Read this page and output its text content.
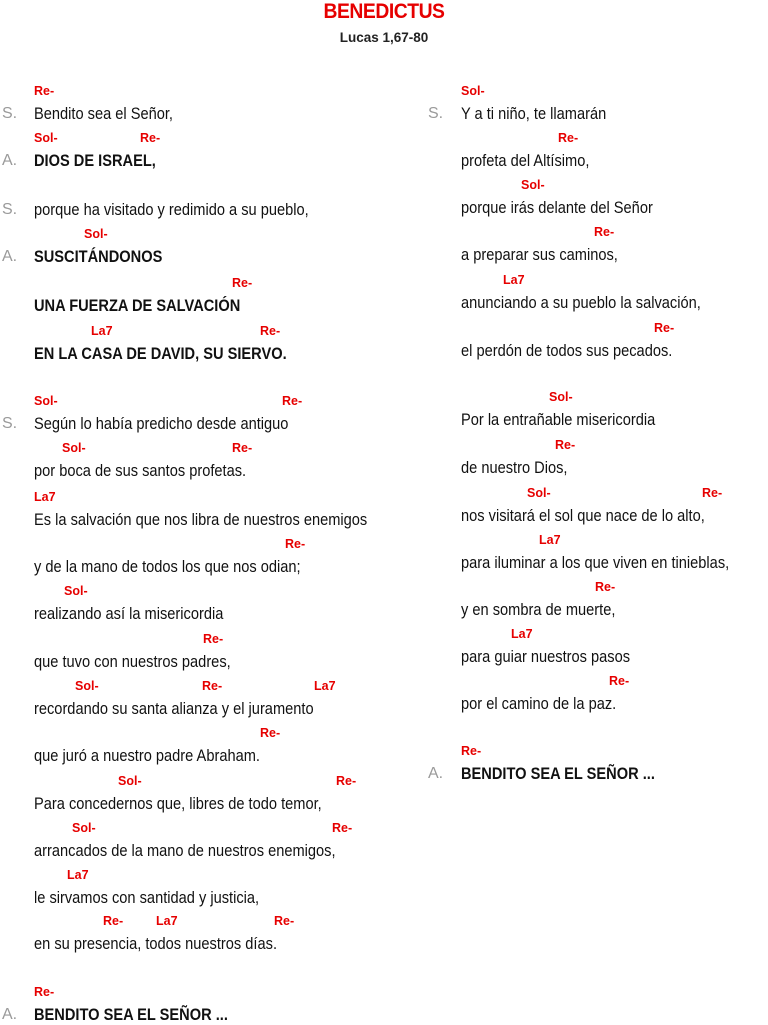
BENEDICTUS
Lucas 1,67-80
Re-
S. Bendito sea el Señor,
Sol-	Re-
A. DIOS DE ISRAEL,
S. porque ha visitado y redimido a su pueblo,
Sol-
A. SUSCITÁNDONOS
Re-
UNA FUERZA DE SALVACIÓN
La7	Re-
EN LA CASA DE DAVID, SU SIERVO.
Sol-	Re-
S. Según lo había predicho desde antiguo
Sol-	Re-
por boca de sus santos profetas.
La7
Es la salvación que nos libra de nuestros enemigos
Re-
y de la mano de todos los que nos odian;
Sol-
realizando así la misericordia
Re-
que tuvo con nuestros padres,
Sol-	Re-	La7
recordando su santa alianza y el juramento
Re-
que juró a nuestro padre Abraham.
Sol-	Re-
Para concedernos que, libres de todo temor,
Sol-	Re-
arrancados de la mano de nuestros enemigos,
La7
le sirvamos con santidad y justicia,
Re-	La7	Re-
en su presencia, todos nuestros días.
Re-
A. BENDITO SEA EL SEÑOR ...
Sol-
S. Y a ti niño, te llamarán
Re-
profeta del Altísimo,
Sol-
porque irás delante del Señor
Re-
a preparar sus caminos,
La7
anunciando a su pueblo la salvación,
Re-
el perdón de todos sus pecados.
Sol-
Por la entrañable misericordia
Re-
de nuestro Dios,
Sol-	Re-
nos visitará el sol que nace de lo alto,
La7
para iluminar a los que viven en tinieblas,
Re-
y en sombra de muerte,
La7
para guiar nuestros pasos
Re-
por el camino de la paz.
Re-
A. BENDITO SEA EL SEÑOR ...
